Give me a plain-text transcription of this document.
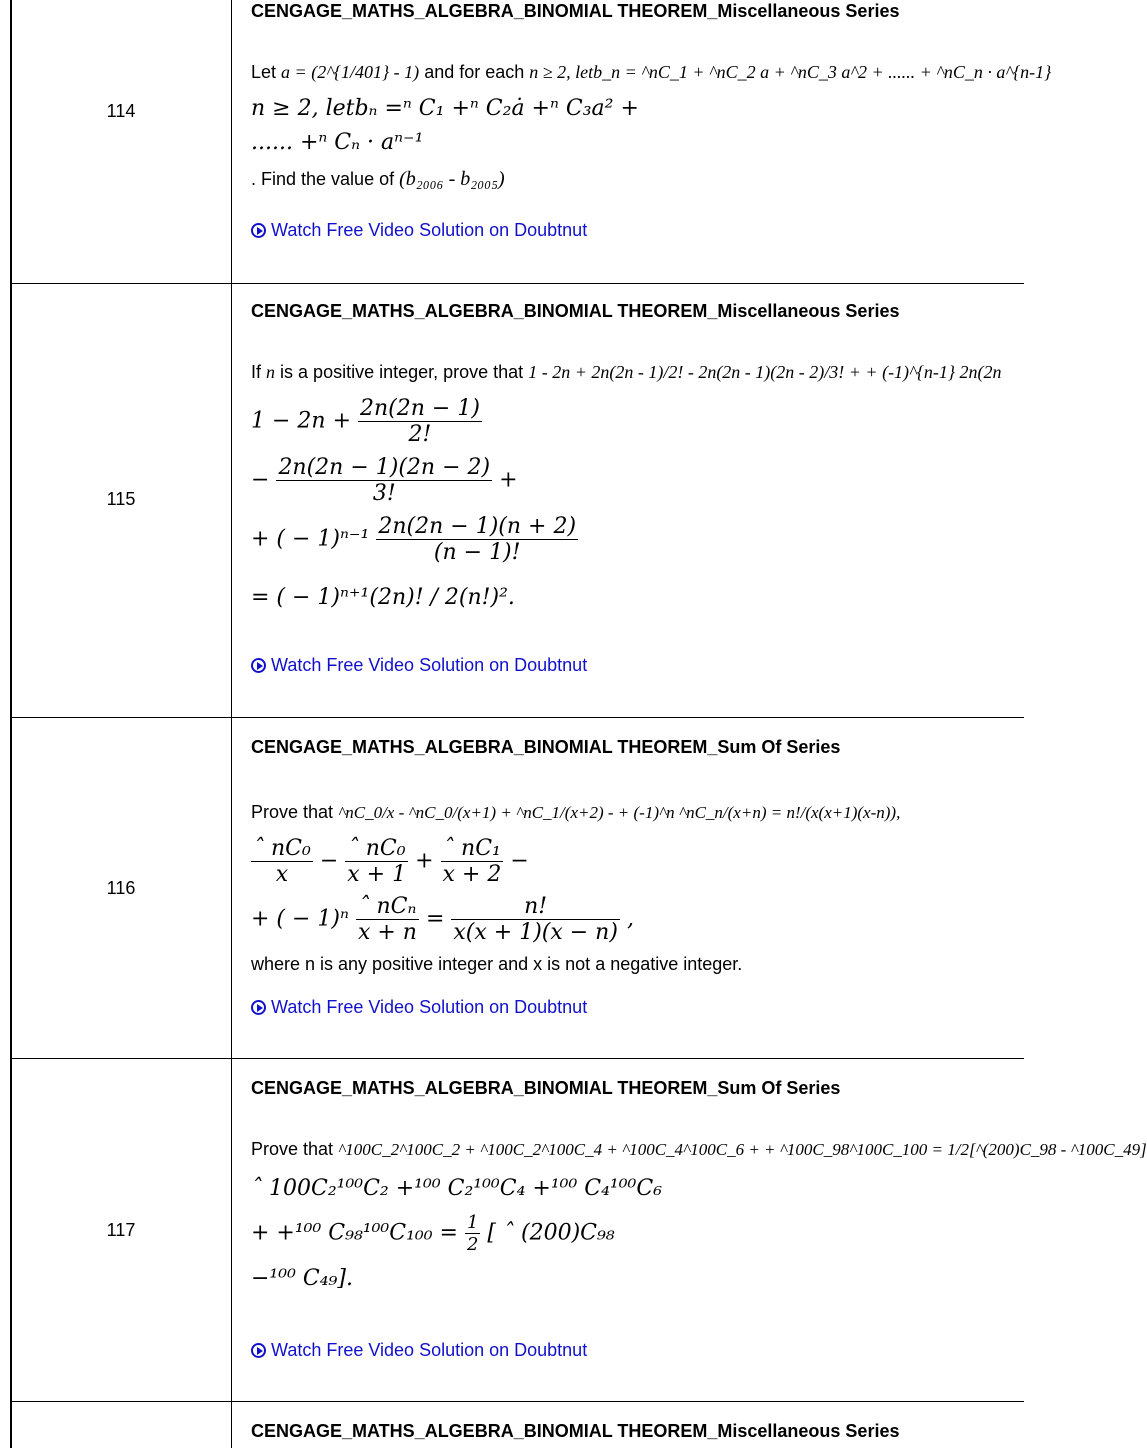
114
CENGAGE_MATHS_ALGEBRA_BINOMIAL THEOREM_Miscellaneous Series
Let a = (2^{1/401} - 1) and for each n ≥ 2, letb_n = ^nC_1 + ^nC_2 a + ^nC_3 a^2 + ...... + ^nC_n · a^{n-1}
n ≥ 2, letbₙ =ⁿ C₁ +ⁿ C₂ȧ +ⁿ C₃a² +
...... +ⁿ Cₙ · aⁿ⁻¹
. Find the value of (b₂₀₀₆ - b₂₀₀₅)
Watch Free Video Solution on Doubtnut
115
CENGAGE_MATHS_ALGEBRA_BINOMIAL THEOREM_Miscellaneous Series
If n is a positive integer, prove that 1 - 2n + 2n(2n - 1)/2! - 2n(2n - 1)(2n - 2)/3! + + (-1)^{n-1} 2n(2n
$1 - 2n + \frac{2n(2n - 1)}{2!}$
− $\frac{2n(2n - 1)(2n - 2)}{3!}$ +
+ ( − $1)^{n-1} \frac{2n(2n - 1)(n + 2)}{(n - 1)!}$
= ( − 1)ⁿ⁺¹(2n)! / 2(n!)².
Watch Free Video Solution on Doubtnut
116
CENGAGE_MATHS_ALGEBRA_BINOMIAL THEOREM_Sum Of Series
Prove that ^nC_0/x - ^nC_0/(x+1) + ^nC_1/(x+2) - + (-1)^n ^nC_n/(x+n) = n!/(x(x+1)(x-n)),
$\frac{\text{ˆ nC₀}}{x} - \frac{\text{ˆ nC₀}}{x + 1} + \frac{\text{ˆ nC₁}}{x + 2}$ −
+ ( − $1)^n \frac{\text{ˆ nCₙ}}{x + n} = \frac{n!}{x(x + 1)(x - n)}$ ,
where n is any positive integer and x is not a negative integer.
Watch Free Video Solution on Doubtnut
117
CENGAGE_MATHS_ALGEBRA_BINOMIAL THEOREM_Sum Of Series
Prove that ^100C_2^100C_2 + ^100C_2^100C_4 + ^100C_4^100C_6 + + ^100C_98^100C_100 = 1/2[^(200)C_98 - ^100C_49]
ˆ 100C₂¹⁰⁰C₂ +¹⁰⁰ C₂¹⁰⁰C₄ +¹⁰⁰ C₄¹⁰⁰C₆
+ +¹⁰⁰ $C_{98}^{100}C_{100} = \frac{1}{2}$ [ ˆ (200)C₉₈
−¹⁰⁰ C₄₉].
Watch Free Video Solution on Doubtnut
CENGAGE_MATHS_ALGEBRA_BINOMIAL THEOREM_Miscellaneous Series
